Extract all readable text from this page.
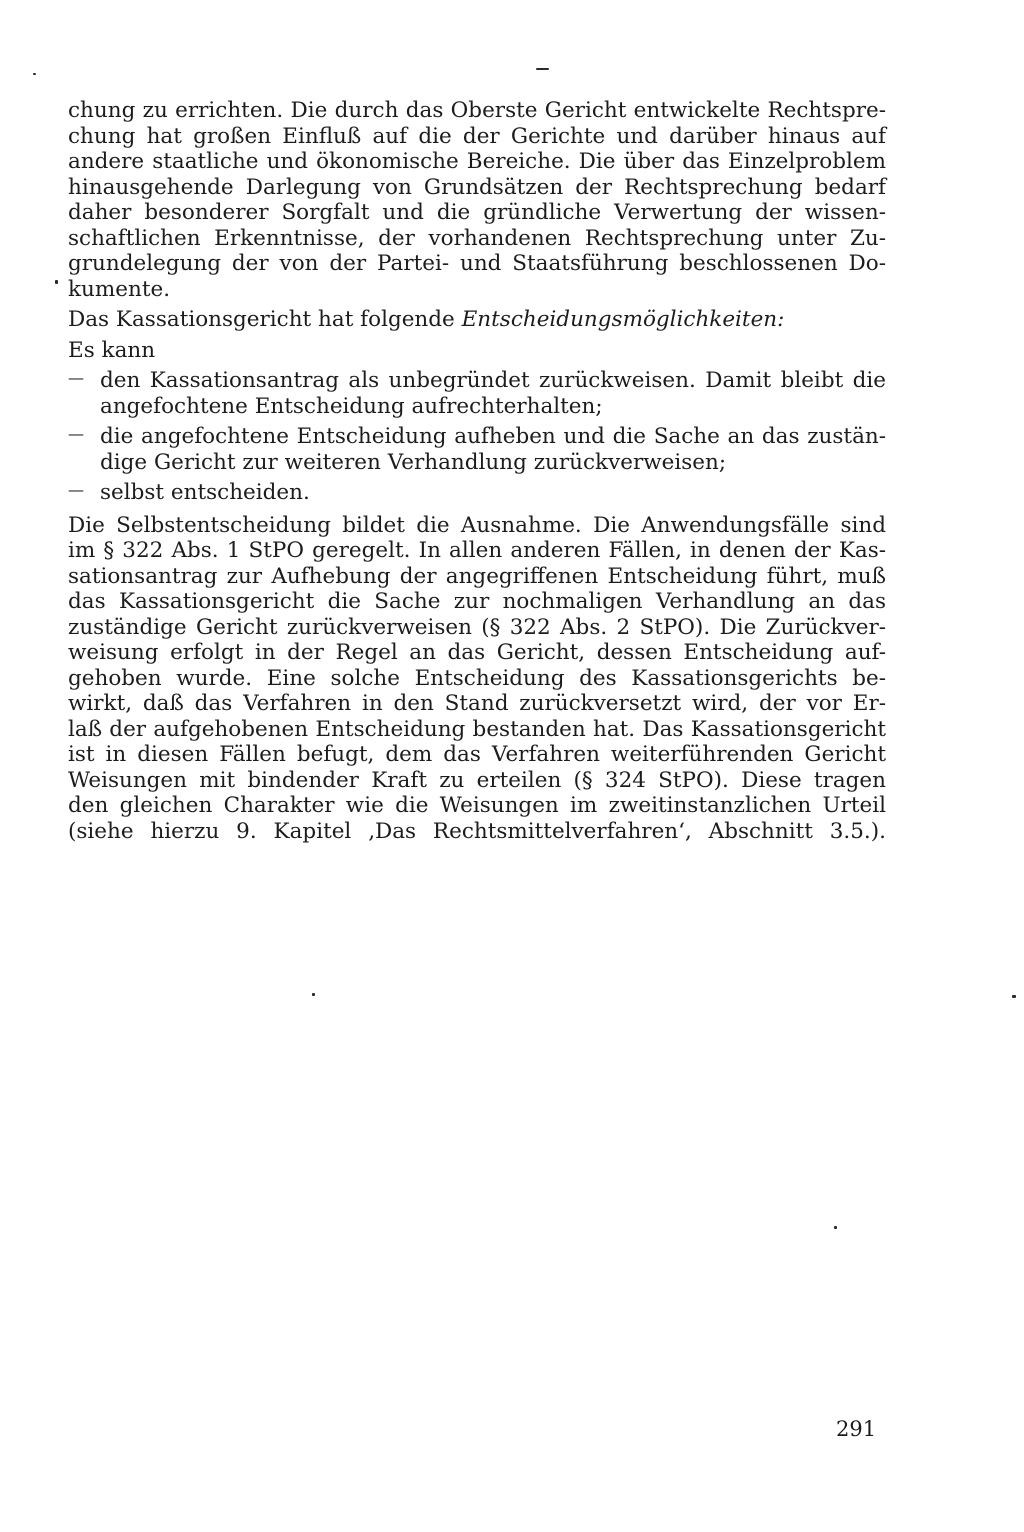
chung zu errichten. Die durch das Oberste Gericht entwickelte Rechtspre-
chung hat großen Einfluß auf die der Gerichte und darüber hinaus auf
andere staatliche und ökonomische Bereiche. Die über das Einzelproblem
hinausgehende Darlegung von Grundsätzen der Rechtsprechung bedarf
daher besonderer Sorgfalt und die gründliche Verwertung der wissen-
schaftlichen Erkenntnisse, der vorhandenen Rechtsprechung unter Zu-
grundelegung der von der Partei- und Staatsführung beschlossenen Do-
kumente.
Das Kassationsgericht hat folgende Entscheidungsmöglichkeiten:
Es kann
— den Kassationsantrag als unbegründet zurückweisen. Damit bleibt die
angefochtene Entscheidung aufrechterhalten;
— die angefochtene Entscheidung aufheben und die Sache an das zustän-
dige Gericht zur weiteren Verhandlung zurückverweisen;
— selbst entscheiden.
Die Selbstentscheidung bildet die Ausnahme. Die Anwendungsfälle sind
im § 322 Abs. 1 StPO geregelt. In allen anderen Fällen, in denen der Kas-
sationsantrag zur Aufhebung der angegriffenen Entscheidung führt, muß
das Kassationsgericht die Sache zur nochmaligen Verhandlung an das
zuständige Gericht zurückverweisen (§ 322 Abs. 2 StPO). Die Zurückver-
weisung erfolgt in der Regel an das Gericht, dessen Entscheidung auf-
gehoben wurde. Eine solche Entscheidung des Kassationsgerichts be-
wirkt, daß das Verfahren in den Stand zurückversetzt wird, der vor Er-
laß der aufgehobenen Entscheidung bestanden hat. Das Kassationsgericht
ist in diesen Fällen befugt, dem das Verfahren weiterführenden Gericht
Weisungen mit bindender Kraft zu erteilen (§ 324 StPO). Diese tragen
den gleichen Charakter wie die Weisungen im zweitinstanzlichen Urteil
(siehe hierzu 9. Kapitel ‚Das Rechtsmittelverfahren‘, Abschnitt 3.5.).
291
